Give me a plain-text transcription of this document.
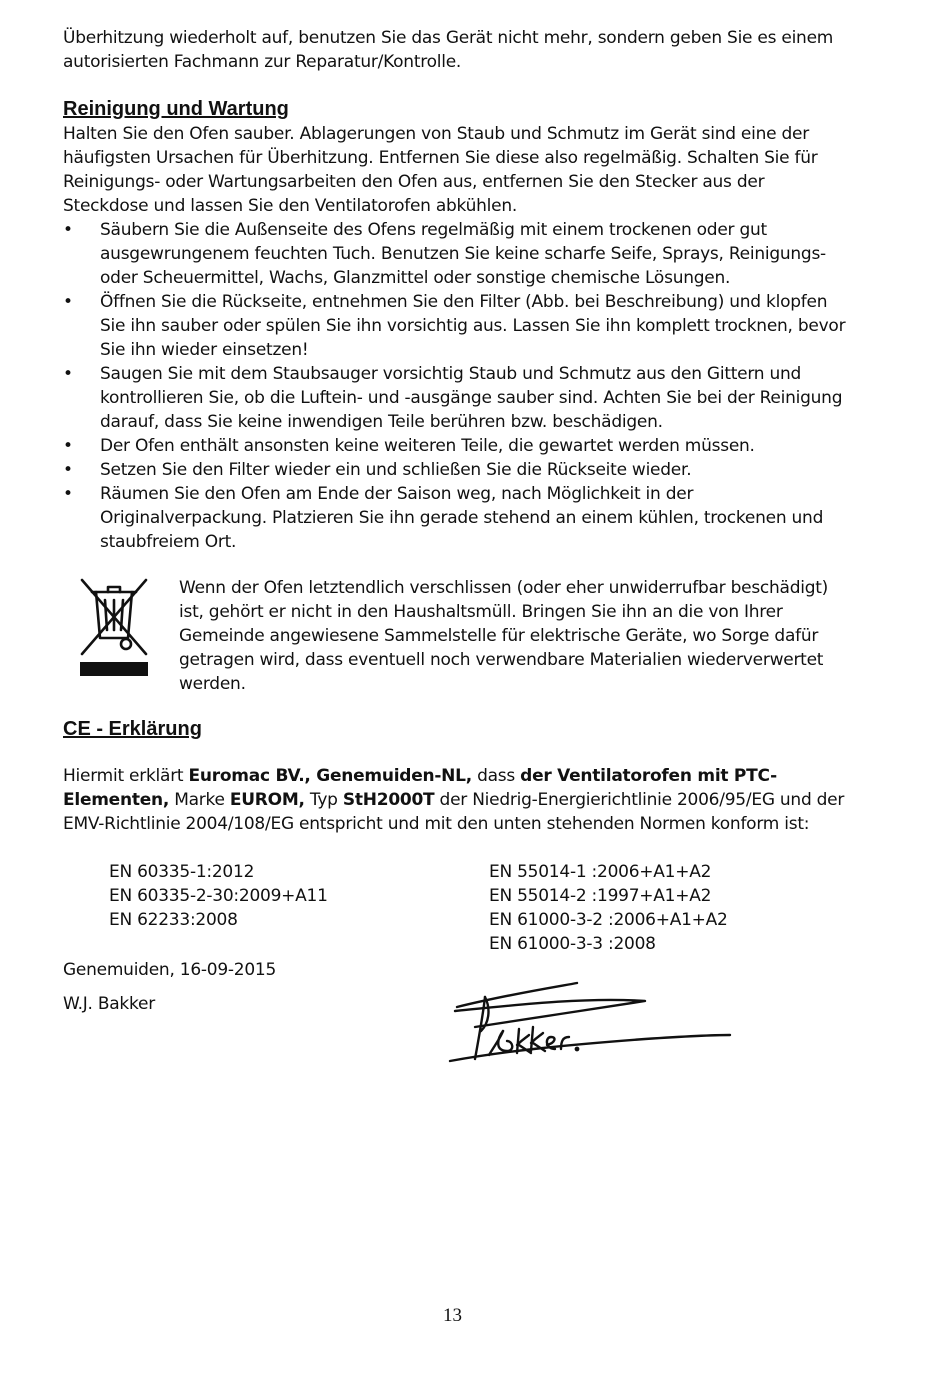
Überhitzung wiederholt auf, benutzen Sie das Gerät nicht mehr, sondern geben Sie es einem autorisierten Fachmann zur Reparatur/Kontrolle.

Reinigung und Wartung

Halten Sie den Ofen sauber. Ablagerungen von Staub und Schmutz im Gerät sind eine der häufigsten Ursachen für Überhitzung. Entfernen Sie diese also regelmäßig. Schalten Sie für Reinigungs- oder Wartungsarbeiten den Ofen aus, entfernen Sie den Stecker aus der Steckdose und lassen Sie den Ventilatorofen abkühlen.

• Säubern Sie die Außenseite des Ofens regelmäßig mit einem trockenen oder gut ausgewrungenem feuchten Tuch. Benutzen Sie keine scharfe Seife, Sprays, Reinigungs- oder Scheuermittel, Wachs, Glanzmittel oder sonstige chemische Lösungen.
• Öffnen Sie die Rückseite, entnehmen Sie den Filter (Abb. bei Beschreibung) und klopfen Sie ihn sauber oder spülen Sie ihn vorsichtig aus. Lassen Sie ihn komplett trocknen, bevor Sie ihn wieder einsetzen!
• Saugen Sie mit dem Staubsauger vorsichtig Staub und Schmutz aus den Gittern und kontrollieren Sie, ob die Luftein- und -ausgänge sauber sind. Achten Sie bei der Reinigung darauf, dass Sie keine inwendigen Teile berühren bzw. beschädigen.
• Der Ofen enthält ansonsten keine weiteren Teile, die gewartet werden müssen.
• Setzen Sie den Filter wieder ein und schließen Sie die Rückseite wieder.
• Räumen Sie den Ofen am Ende der Saison weg, nach Möglichkeit in der Originalverpackung. Platzieren Sie ihn gerade stehend an einem kühlen, trockenen und staubfreiem Ort.

Wenn der Ofen letztendlich verschlissen (oder eher unwiderrufbar beschädigt) ist, gehört er nicht in den Haushaltsmüll. Bringen Sie ihn an die von Ihrer Gemeinde angewiesene Sammelstelle für elektrische Geräte, wo Sorge dafür getragen wird, dass eventuell noch verwendbare Materialien wiederverwertet werden.

CE - Erklärung

Hiermit erklärt Euromac BV., Genemuiden-NL, dass der Ventilatorofen mit PTC-Elementen, Marke EUROM, Typ StH2000T der Niedrig-Energierichtlinie 2006/95/EG und der EMV-Richtlinie 2004/108/EG entspricht und mit den unten stehenden Normen konform ist:

EN 60335-1:2012
EN 60335-2-30:2009+A11
EN 62233:2008
EN 55014-1 :2006+A1+A2
EN 55014-2 :1997+A1+A2
EN 61000-3-2 :2006+A1+A2
EN 61000-3-3 :2008

Genemuiden, 16-09-2015

W.J. Bakker

13
